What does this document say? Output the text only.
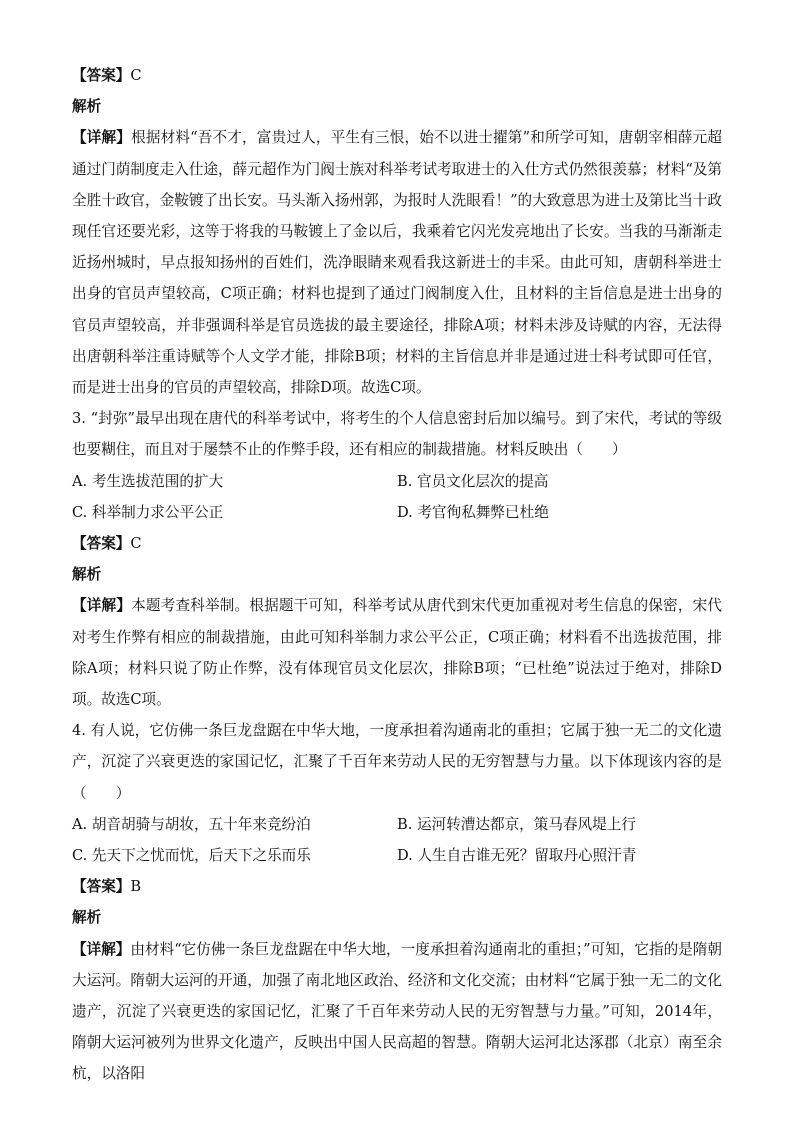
【答案】C
解析
【详解】根据材料“吾不才，富贵过人，平生有三恨，始不以进士擢第”和所学可知，唐朝宰相薛元超通过门荫制度走入仕途，薛元超作为门阀士族对科举考试考取进士的入仕方式仍然很羡慕；材料“及第全胜十政官，金鞍镀了出长安。马头渐入扬州郭，为报时人洗眼看！”的大致意思为进士及第比当十政现任官还要光彩，这等于将我的马鞍镀上了金以后，我乘着它闪光发亮地出了长安。当我的马渐渐走近扬州城时，早点报知扬州的百姓们，洗净眼睛来观看我这新进士的丰采。由此可知，唐朝科举进士出身的官员声望较高，C项正确；材料也提到了通过门阀制度入仕，且材料的主旨信息是进士出身的官员声望较高，并非强调科举是官员选拔的最主要途径，排除A项；材料未涉及诗赋的内容，无法得出唐朝科举注重诗赋等个人文学才能，排除B项；材料的主旨信息并非是通过进士科考试即可任官，而是进士出身的官员的声望较高，排除D项。故选C项。
3. “封弥”最早出现在唐代的科举考试中，将考生的个人信息密封后加以编号。到了宋代，考试的等级也要糊住，而且对于屡禁不止的作弊手段，还有相应的制裁措施。材料反映出（　　）
A. 考生选拔范围的扩大	B. 官员文化层次的提高
C. 科举制力求公平公正	D. 考官徇私舞弊已杜绝
【答案】C
解析
【详解】本题考查科举制。根据题干可知，科举考试从唐代到宋代更加重视对考生信息的保密，宋代对考生作弊有相应的制裁措施，由此可知科举制力求公平公正，C项正确；材料看不出选拔范围，排除A项；材料只说了防止作弊，没有体现官员文化层次，排除B项；“已杜绝”说法过于绝对，排除D项。故选C项。
4. 有人说，它仿佛一条巨龙盘踞在中华大地，一度承担着沟通南北的重担；它属于独一无二的文化遗产，沉淀了兴衰更迭的家国记忆，汇聚了千百年来劳动人民的无穷智慧与力量。以下体现该内容的是（　　）
A. 胡音胡骑与胡妆，五十年来竞纷泊	B. 运河转漕达都京，策马春风堤上行
C. 先天下之忧而忧，后天下之乐而乐	D. 人生自古谁无死？留取丹心照汗青
【答案】B
解析
【详解】由材料“它仿佛一条巨龙盘踞在中华大地，一度承担着沟通南北的重担；”可知，它指的是隋朝大运河。隋朝大运河的开通，加强了南北地区政治、经济和文化交流；由材料“它属于独一无二的文化遗产，沉淀了兴衰更迭的家国记忆，汇聚了千百年来劳动人民的无穷智慧与力量。”可知，2014年，隋朝大运河被列为世界文化遗产，反映出中国人民高超的智慧。隋朝大运河北达涿郡（北京）南至余杭，以洛阳
